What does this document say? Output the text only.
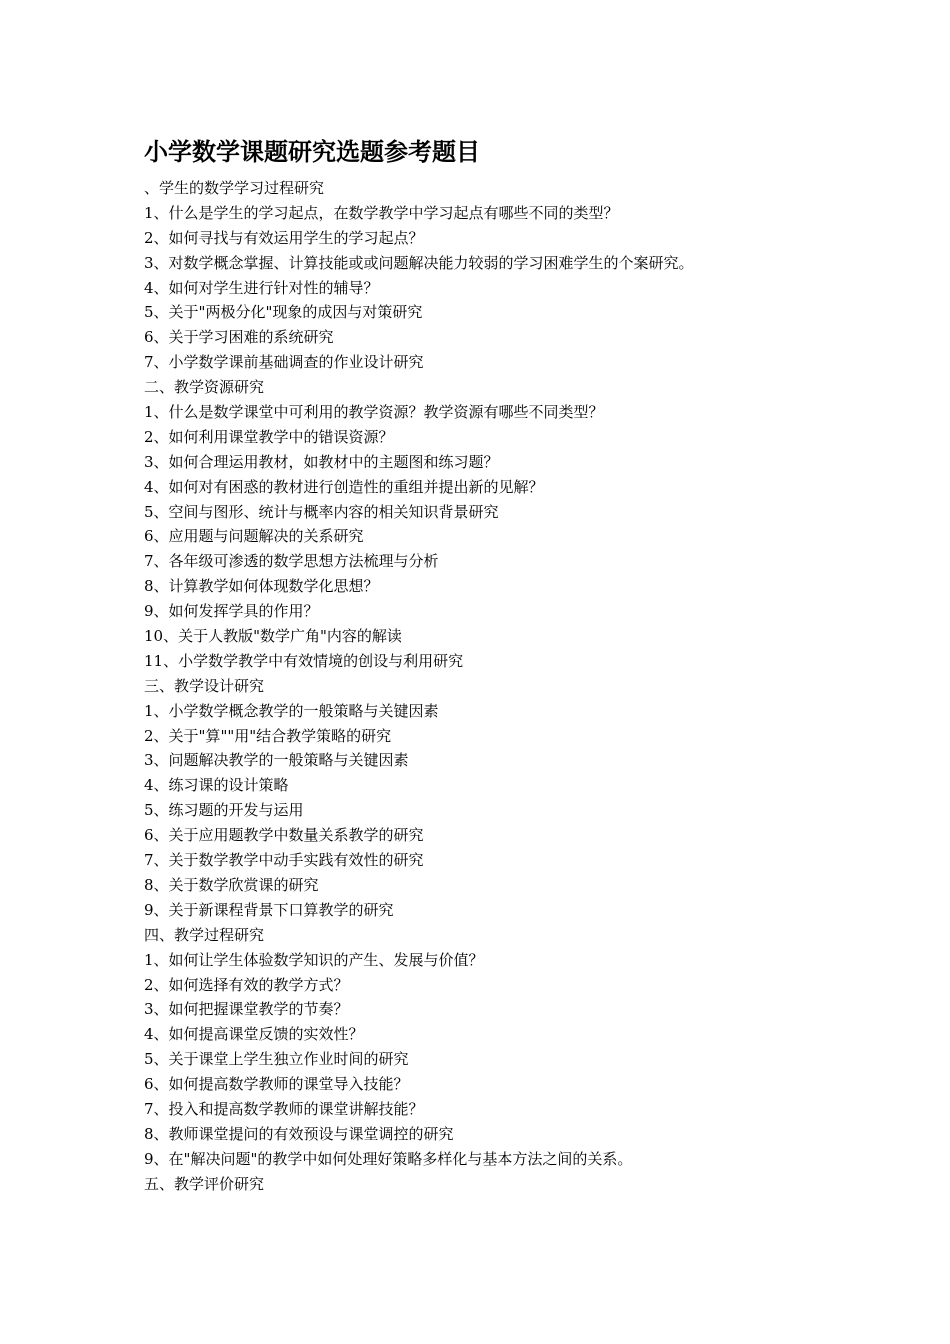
小学数学课题研究选题参考题目
、学生的数学学习过程研究
1、什么是学生的学习起点，在数学教学中学习起点有哪些不同的类型？
2、如何寻找与有效运用学生的学习起点？
3、对数学概念掌握、计算技能或或问题解决能力较弱的学习困难学生的个案研究。
4、如何对学生进行针对性的辅导？
5、关于"两极分化"现象的成因与对策研究
6、关于学习困难的系统研究
7、小学数学课前基础调查的作业设计研究
二、教学资源研究
1、什么是数学课堂中可利用的教学资源？教学资源有哪些不同类型？
2、如何利用课堂教学中的错误资源？
3、如何合理运用教材，如教材中的主题图和练习题？
4、如何对有困惑的教材进行创造性的重组并提出新的见解？
5、空间与图形、统计与概率内容的相关知识背景研究
6、应用题与问题解决的关系研究
7、各年级可渗透的数学思想方法梳理与分析
8、计算教学如何体现数学化思想？
9、如何发挥学具的作用？
10、关于人教版"数学广角"内容的解读
11、小学数学教学中有效情境的创设与利用研究
三、教学设计研究
1、小学数学概念教学的一般策略与关键因素
2、关于"算""用"结合教学策略的研究
3、问题解决教学的一般策略与关键因素
4、练习课的设计策略
5、练习题的开发与运用
6、关于应用题教学中数量关系教学的研究
7、关于数学教学中动手实践有效性的研究
8、关于数学欣赏课的研究
9、关于新课程背景下口算教学的研究
四、教学过程研究
1、如何让学生体验数学知识的产生、发展与价值？
2、如何选择有效的教学方式？
3、如何把握课堂教学的节奏？
4、如何提高课堂反馈的实效性？
5、关于课堂上学生独立作业时间的研究
6、如何提高数学教师的课堂导入技能？
7、投入和提高数学教师的课堂讲解技能？
8、教师课堂提问的有效预设与课堂调控的研究
9、在"解决问题"的教学中如何处理好策略多样化与基本方法之间的关系。
五、教学评价研究
